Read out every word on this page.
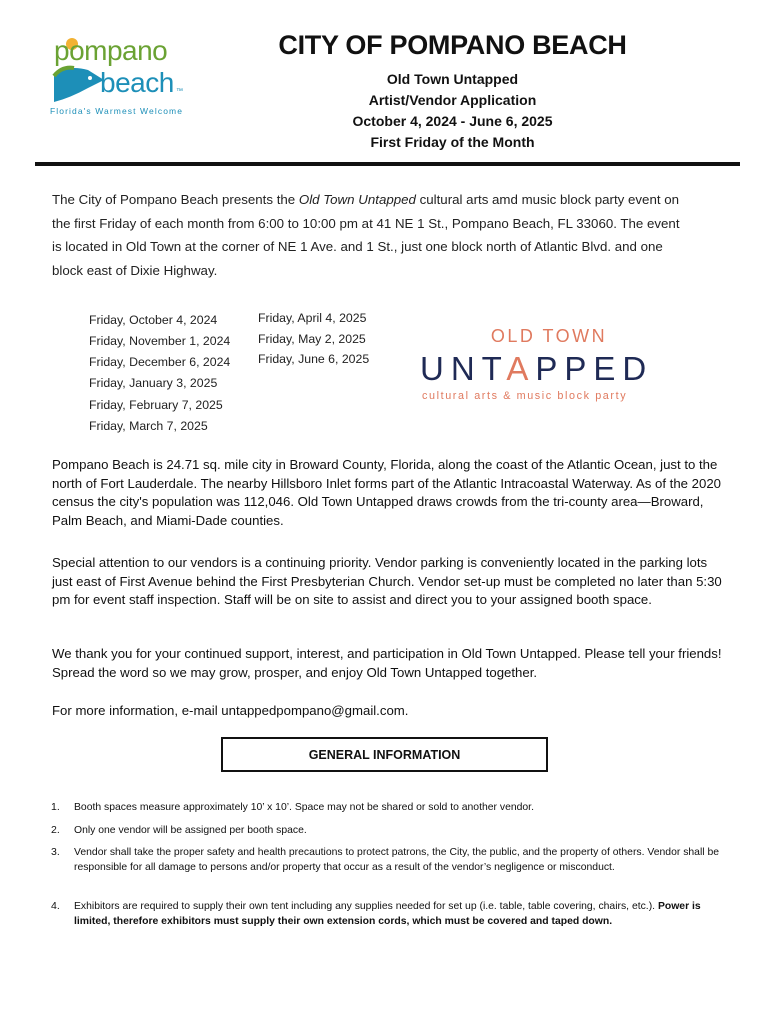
pompano
beach ™
Florida's Warmest Welcome
CITY OF POMPANO BEACH
Old Town Untapped
Artist/Vendor Application
October 4, 2024 - June 6, 2025
First Friday of the Month

The City of Pompano Beach presents the Old Town Untapped cultural arts amd music block party event on the first Friday of each month from 6:00 to 10:00 pm at 41 NE 1 St., Pompano Beach, FL 33060. The event is located in Old Town at the corner of NE 1 Ave. and 1 St., just one block north of Atlantic Blvd. and one block east of Dixie Highway.

Friday, October 4, 2024
Friday, November 1, 2024
Friday, December 6, 2024
Friday, January 3, 2025
Friday, February 7, 2025
Friday, March 7, 2025
Friday, April 4, 2025
Friday, May 2, 2025
Friday, June 6, 2025
OLD TOWN
UNTAPPED
cultural arts & music block party

Pompano Beach is 24.71 sq. mile city in Broward County, Florida, along the coast of the Atlantic Ocean, just to the north of Fort Lauderdale. The nearby Hillsboro Inlet forms part of the Atlantic Intracoastal Waterway. As of the 2020 census the city's population was 112,046. Old Town Untapped draws crowds from the tri-county area—Broward, Palm Beach, and Miami-Dade counties.

Special attention to our vendors is a continuing priority. Vendor parking is conveniently located in the parking lots just east of First Avenue behind the First Presbyterian Church. Vendor set-up must be completed no later than 5:30 pm for event staff inspection. Staff will be on site to assist and direct you to your assigned booth space.

We thank you for your continued support, interest, and participation in Old Town Untapped. Please tell your friends! Spread the word so we may grow, prosper, and enjoy Old Town Untapped together.

For more information, e-mail untappedpompano@gmail.com.

GENERAL INFORMATION
1. Booth spaces measure approximately 10’ x 10’. Space may not be shared or sold to another vendor.

2. Only one vendor will be assigned per booth space.

3. Vendor shall take the proper safety and health precautions to protect patrons, the City, the public, and the property of others. Vendor shall be responsible for all damage to persons and/or property that occur as a result of the vendor’s negligence or misconduct.

4. Exhibitors are required to supply their own tent including any supplies needed for set up (i.e. table, table covering, chairs, etc.). Power is limited, therefore exhibitors must supply their own extension cords, which must be covered and taped down.
